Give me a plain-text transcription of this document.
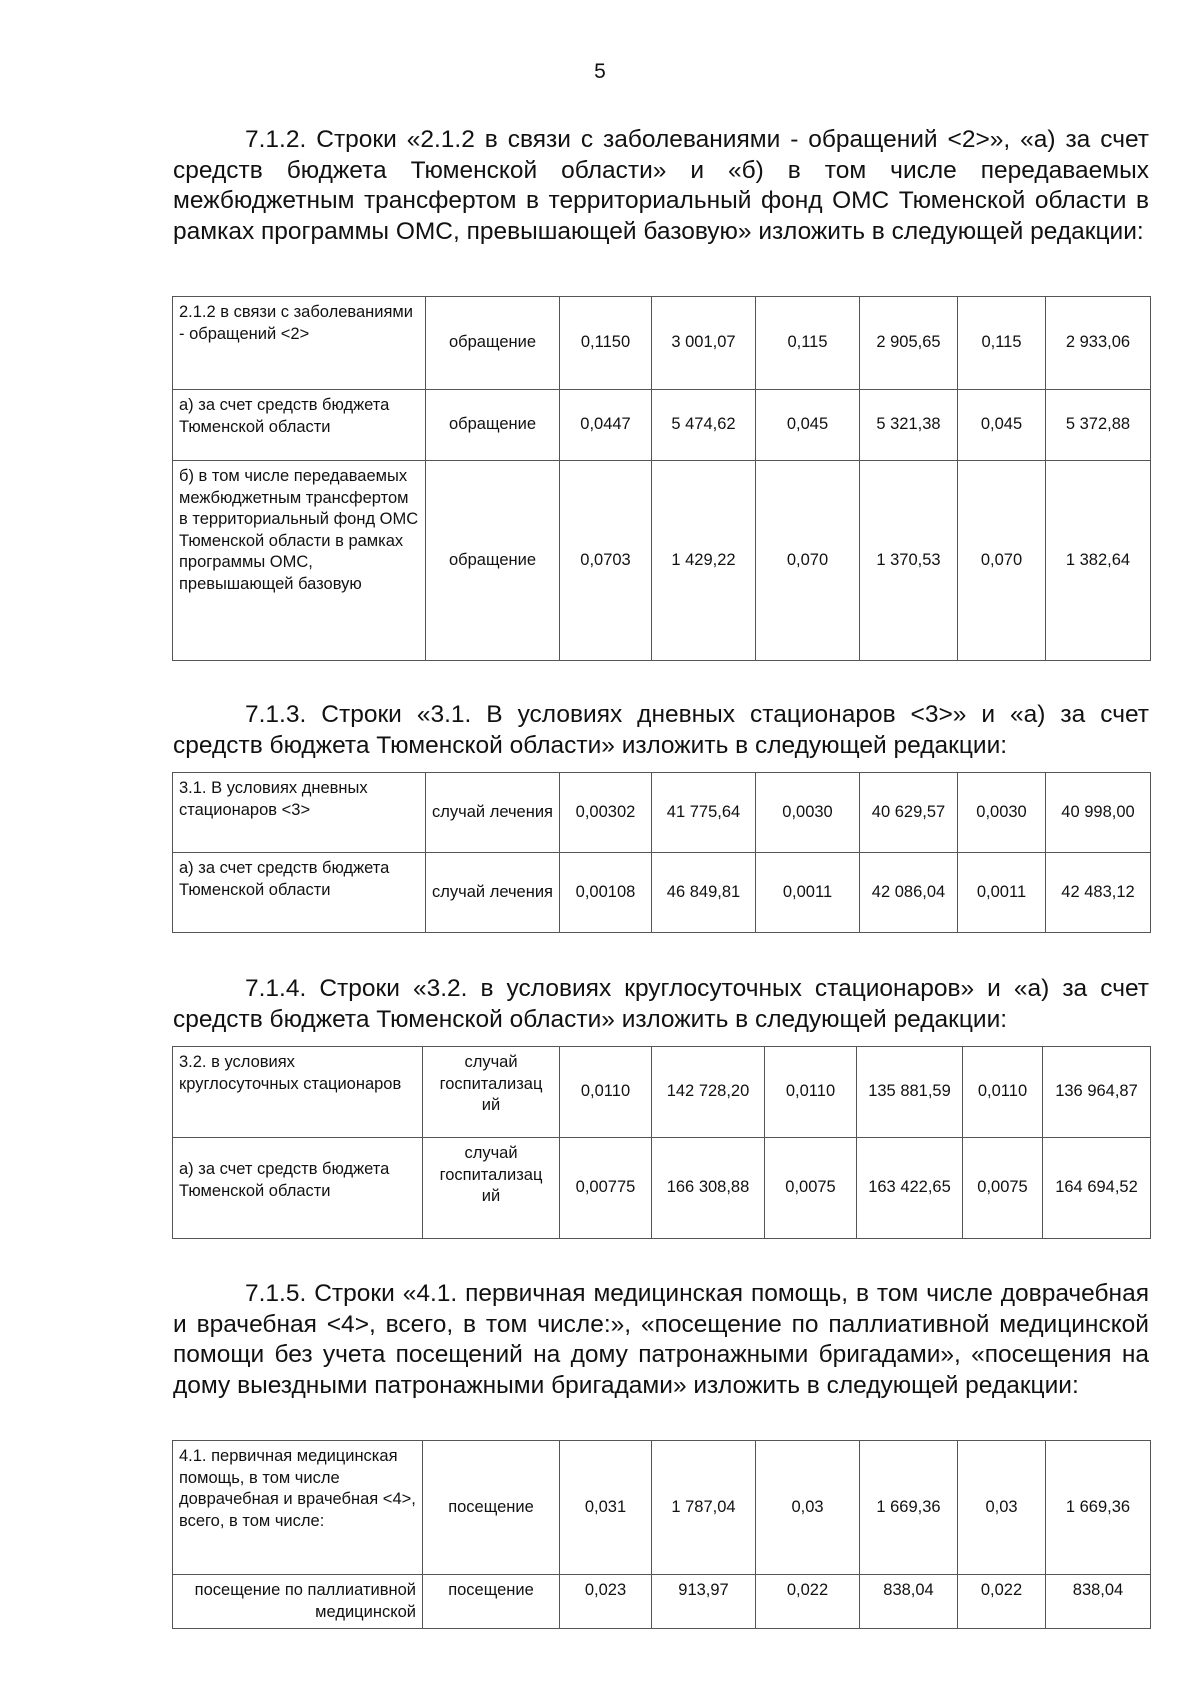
5

7.1.2. Строки «2.1.2 в связи с заболеваниями - обращений <2>», «а) за счет средств бюджета Тюменской области» и «б) в том числе передаваемых межбюджетным трансфертом в территориальный фонд ОМС Тюменской области в рамках программы ОМС, превышающей базовую» изложить в следующей редакции:

2.1.2 в связи с заболеваниями - обращений <2>	обращение	0,1150	3 001,07	0,115	2 905,65	0,115	2 933,06
а) за счет средств бюджета Тюменской области	обращение	0,0447	5 474,62	0,045	5 321,38	0,045	5 372,88
б) в том числе передаваемых межбюджетным трансфертом в территориальный фонд ОМС Тюменской области в рамках программы ОМС, превышающей базовую	обращение	0,0703	1 429,22	0,070	1 370,53	0,070	1 382,64

7.1.3. Строки «3.1. В условиях дневных стационаров <3>» и «а) за счет средств бюджета Тюменской области» изложить в следующей редакции:

3.1. В условиях дневных стационаров <3>	случай лечения	0,00302	41 775,64	0,0030	40 629,57	0,0030	40 998,00
а) за счет средств бюджета Тюменской области	случай лечения	0,00108	46 849,81	0,0011	42 086,04	0,0011	42 483,12

7.1.4. Строки «3.2. в условиях круглосуточных стационаров» и «а) за счет средств бюджета Тюменской области» изложить в следующей редакции:

3.2. в условиях круглосуточных стационаров	случай госпитализац ий	0,0110	142 728,20	0,0110	135 881,59	0,0110	136 964,87
а) за счет средств бюджета Тюменской области	случай госпитализац ий	0,00775	166 308,88	0,0075	163 422,65	0,0075	164 694,52

7.1.5. Строки «4.1. первичная медицинская помощь, в том числе доврачебная и врачебная <4>, всего, в том числе:», «посещение по паллиативной медицинской помощи без учета посещений на дому патронажными бригадами», «посещения на дому выездными патронажными бригадами» изложить в следующей редакции:

4.1. первичная медицинская помощь, в том числе доврачебная и врачебная <4>, всего, в том числе:	посещение	0,031	1 787,04	0,03	1 669,36	0,03	1 669,36
посещение по паллиативной медицинской	посещение	0,023	913,97	0,022	838,04	0,022	838,04
